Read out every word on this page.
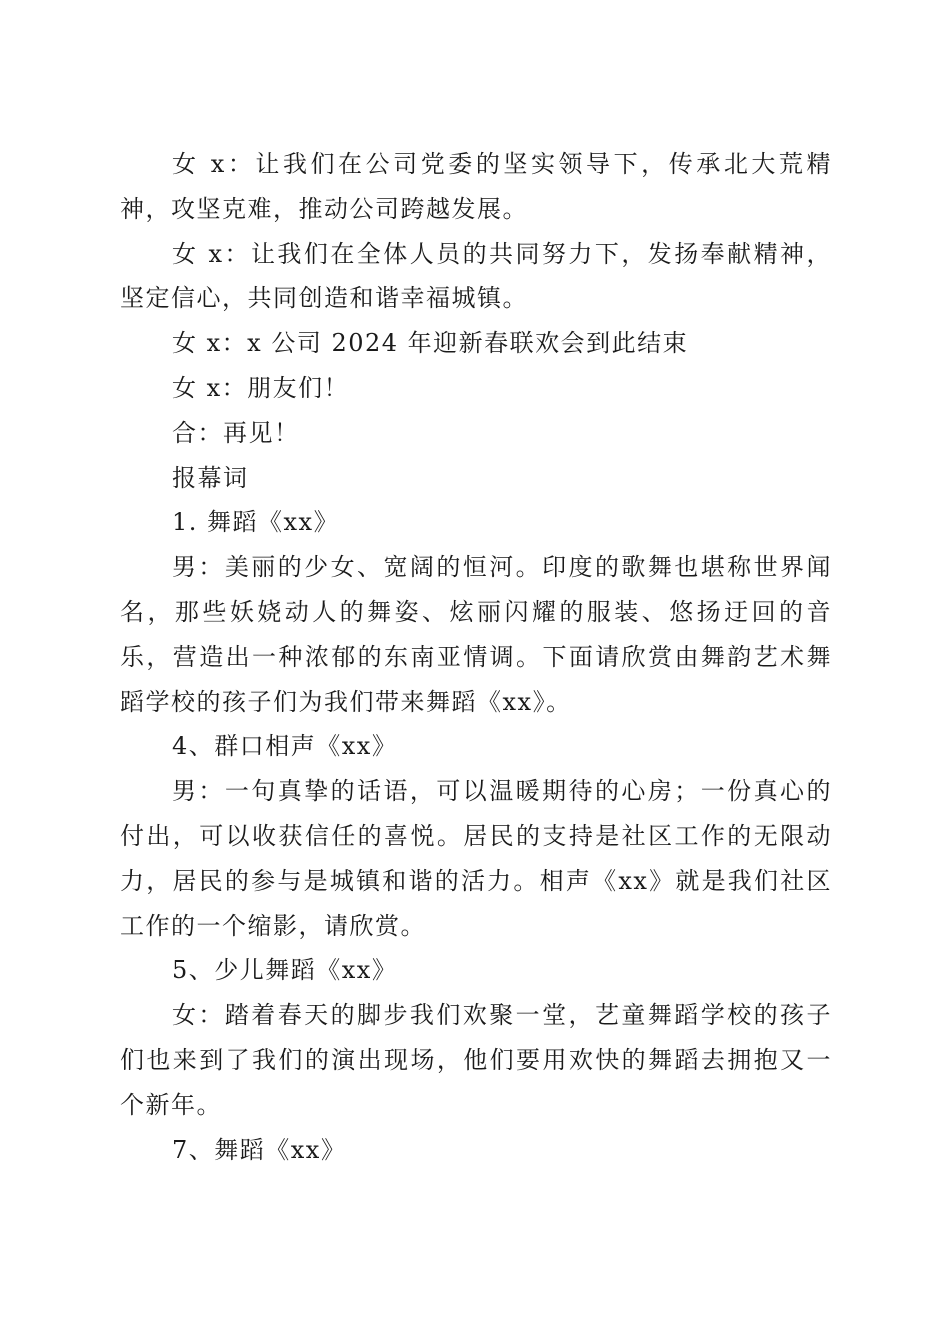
女 x：让我们在公司党委的坚实领导下，传承北大荒精神，攻坚克难，推动公司跨越发展。

女 x：让我们在全体人员的共同努力下，发扬奉献精神，坚定信心，共同创造和谐幸福城镇。

女 x：x 公司 2024 年迎新春联欢会到此结束

女 x：朋友们！

合：再见！

报幕词

1. 舞蹈《xx》

男：美丽的少女、宽阔的恒河。印度的歌舞也堪称世界闻名，那些妖娆动人的舞姿、炫丽闪耀的服装、悠扬迂回的音乐，营造出一种浓郁的东南亚情调。下面请欣赏由舞韵艺术舞蹈学校的孩子们为我们带来舞蹈《xx》。

4、群口相声《xx》

男：一句真挚的话语，可以温暖期待的心房；一份真心的付出，可以收获信任的喜悦。居民的支持是社区工作的无限动力，居民的参与是城镇和谐的活力。相声《xx》就是我们社区工作的一个缩影，请欣赏。

5、少儿舞蹈《xx》

女：踏着春天的脚步我们欢聚一堂，艺童舞蹈学校的孩子们也来到了我们的演出现场，他们要用欢快的舞蹈去拥抱又一个新年。

7、舞蹈《xx》
